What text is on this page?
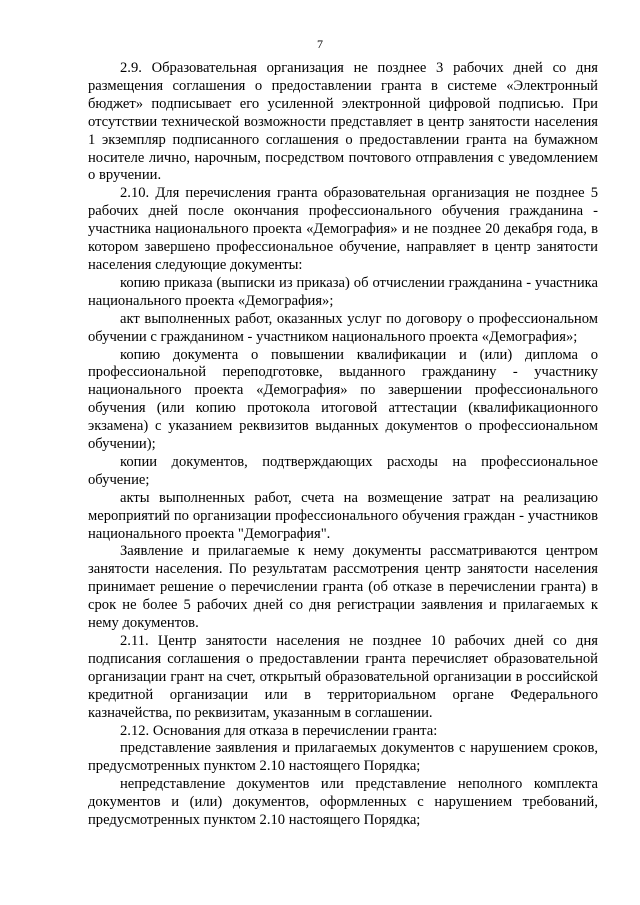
7

2.9. Образовательная организация не позднее 3 рабочих дней со дня размещения соглашения о предоставлении гранта в системе «Электронный бюджет» подписывает его усиленной электронной цифровой подписью. При отсутствии технической возможности представляет в центр занятости населения 1 экземпляр подписанного соглашения о предоставлении гранта на бумажном носителе лично, нарочным, посредством почтового отправления с уведомлением о вручении.

2.10. Для перечисления гранта образовательная организация не позднее 5 рабочих дней после окончания профессионального обучения гражданина - участника национального проекта «Демография» и не позднее 20 декабря года, в котором завершено профессиональное обучение, направляет в центр занятости населения следующие документы:

копию приказа (выписки из приказа) об отчислении гражданина - участника национального проекта «Демография»;

акт выполненных работ, оказанных услуг по договору о профессиональном обучении с гражданином - участником национального проекта «Демография»;

копию документа о повышении квалификации и (или) диплома о профессиональной переподготовке, выданного гражданину - участнику национального проекта «Демография» по завершении профессионального обучения (или копию протокола итоговой аттестации (квалификационного экзамена) с указанием реквизитов выданных документов о профессиональном обучении);

копии документов, подтверждающих расходы на профессиональное обучение;

акты выполненных работ, счета на возмещение затрат на реализацию мероприятий по организации профессионального обучения граждан - участников национального проекта "Демография".

Заявление и прилагаемые к нему документы рассматриваются центром занятости населения. По результатам рассмотрения центр занятости населения принимает решение о перечислении гранта (об отказе в перечислении гранта) в срок не более 5 рабочих дней со дня регистрации заявления и прилагаемых к нему документов.

2.11. Центр занятости населения не позднее 10 рабочих дней со дня подписания соглашения о предоставлении гранта перечисляет образовательной организации грант на счет, открытый образовательной организации в российской кредитной организации или в территориальном органе Федерального казначейства, по реквизитам, указанным в соглашении.

2.12. Основания для отказа в перечислении гранта:

представление заявления и прилагаемых документов с нарушением сроков, предусмотренных пунктом 2.10 настоящего Порядка;

непредставление документов или представление неполного комплекта документов и (или) документов, оформленных с нарушением требований, предусмотренных пунктом 2.10 настоящего Порядка;
